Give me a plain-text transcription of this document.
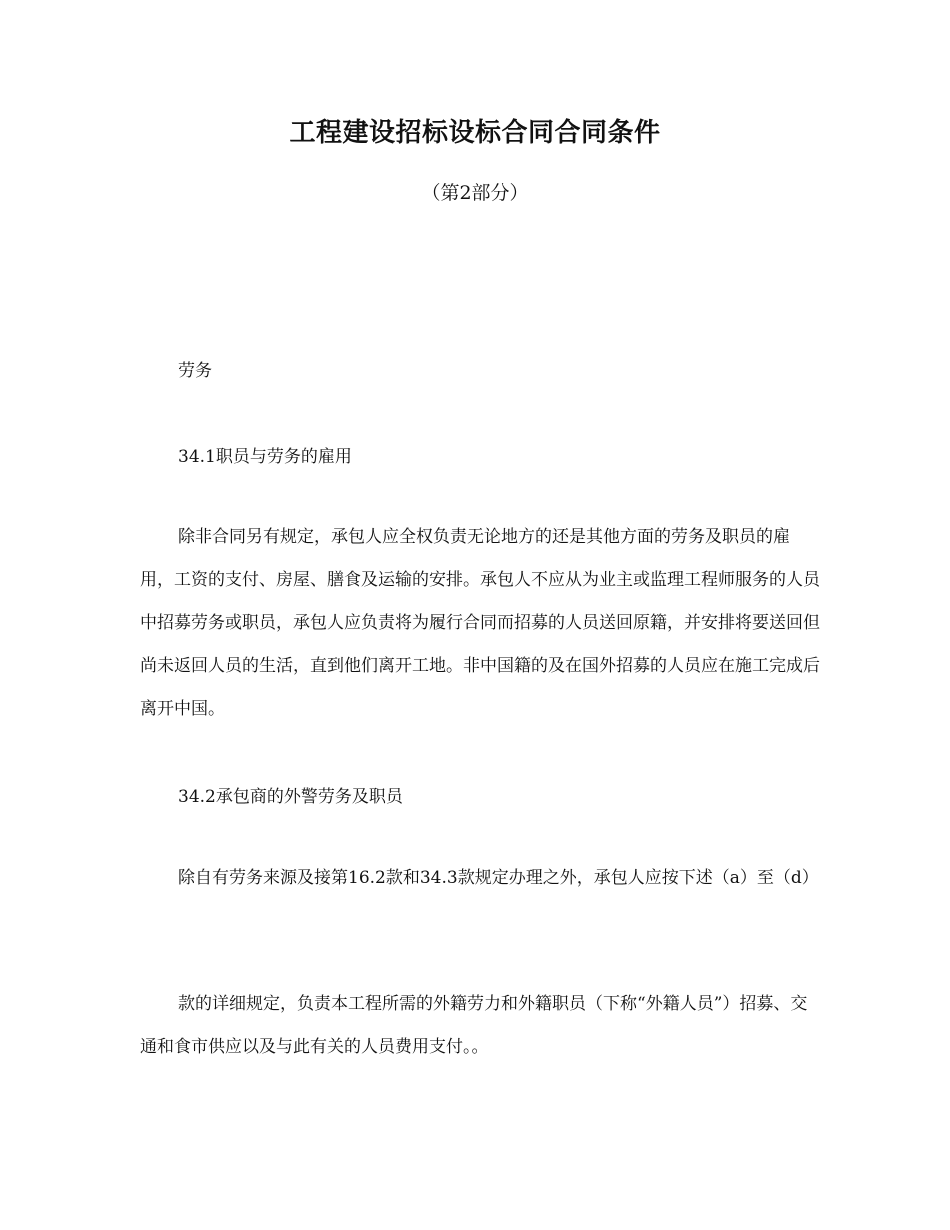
工程建设招标设标合同合同条件

（第2部分）

劳务

34.1职员与劳务的雇用

除非合同另有规定，承包人应全权负责无论地方的还是其他方面的劳务及职员的雇用，工资的支付、房屋、膳食及运输的安排。承包人不应从为业主或监理工程师服务的人员中招募劳务或职员，承包人应负责将为履行合同而招募的人员送回原籍，并安排将要送回但尚未返回人员的生活，直到他们离开工地。非中国籍的及在国外招募的人员应在施工完成后离开中国。

34.2承包商的外警劳务及职员

除自有劳务来源及接第16.2款和34.3款规定办理之外，承包人应按下述（a）至（d）

款的详细规定，负责本工程所需的外籍劳力和外籍职员（下称“外籍人员”）招募、交通和食市供应以及与此有关的人员费用支付。。
